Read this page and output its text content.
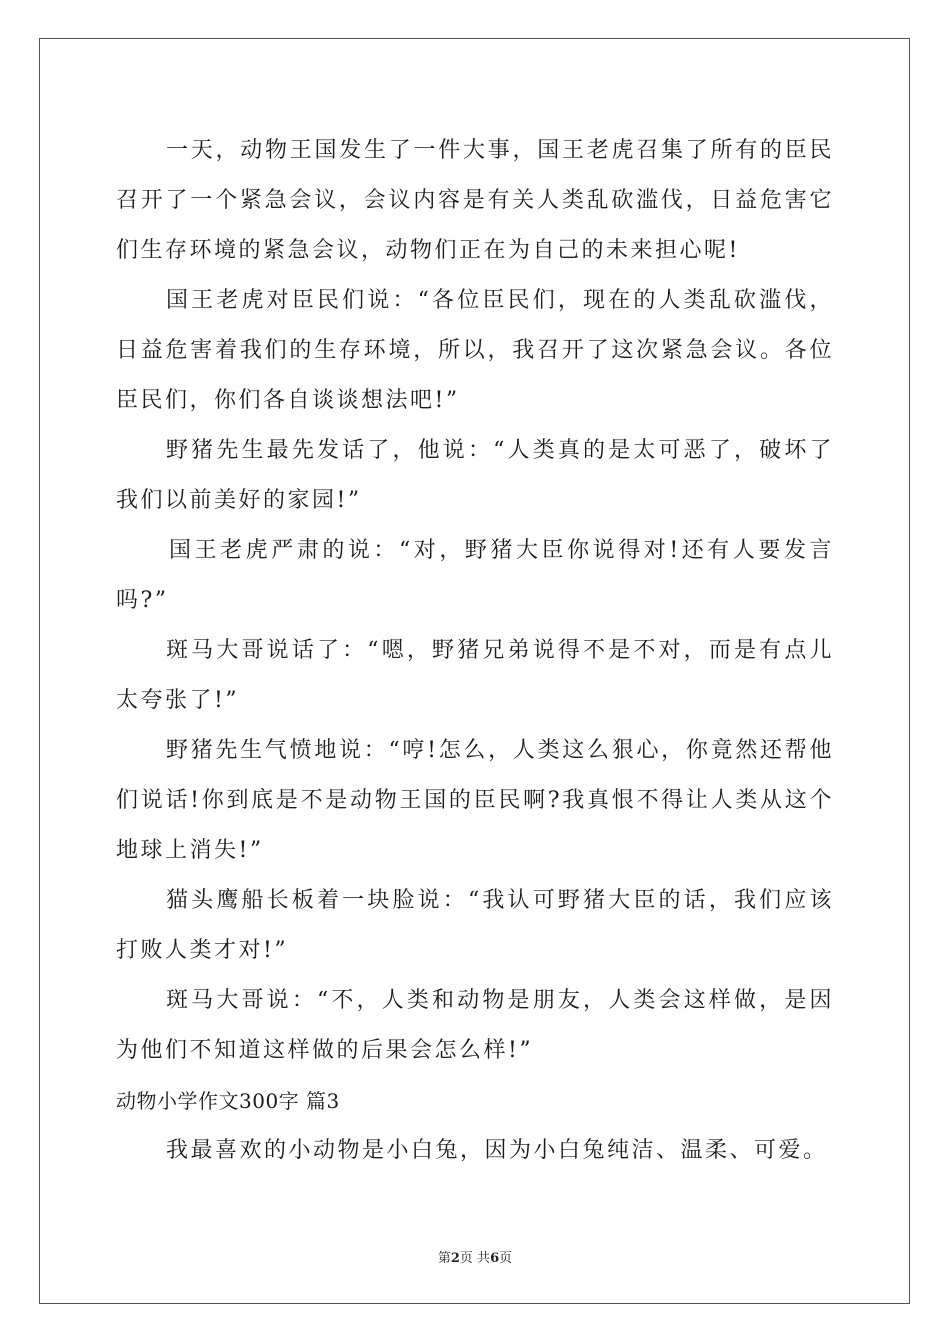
一天，动物王国发生了一件大事，国王老虎召集了所有的臣民召开了一个紧急会议，会议内容是有关人类乱砍滥伐，日益危害它们生存环境的紧急会议，动物们正在为自己的未来担心呢!

国王老虎对臣民们说：“各位臣民们，现在的人类乱砍滥伐，日益危害着我们的生存环境，所以，我召开了这次紧急会议。各位臣民们，你们各自谈谈想法吧!”

野猪先生最先发话了，他说：“人类真的是太可恶了，破坏了我们以前美好的家园!”

国王老虎严肃的说：“对，野猪大臣你说得对!还有人要发言吗?”

斑马大哥说话了：“嗯，野猪兄弟说得不是不对，而是有点儿太夸张了!”

野猪先生气愤地说：“哼!怎么，人类这么狠心，你竟然还帮他们说话!你到底是不是动物王国的臣民啊?我真恨不得让人类从这个地球上消失!”

猫头鹰船长板着一块脸说：“我认可野猪大臣的话，我们应该打败人类才对!”

斑马大哥说：“不，人类和动物是朋友，人类会这样做，是因为他们不知道这样做的后果会怎么样!”

动物小学作文300字 篇3

我最喜欢的小动物是小白兔，因为小白兔纯洁、温柔、可爱。

第2页 共6页
